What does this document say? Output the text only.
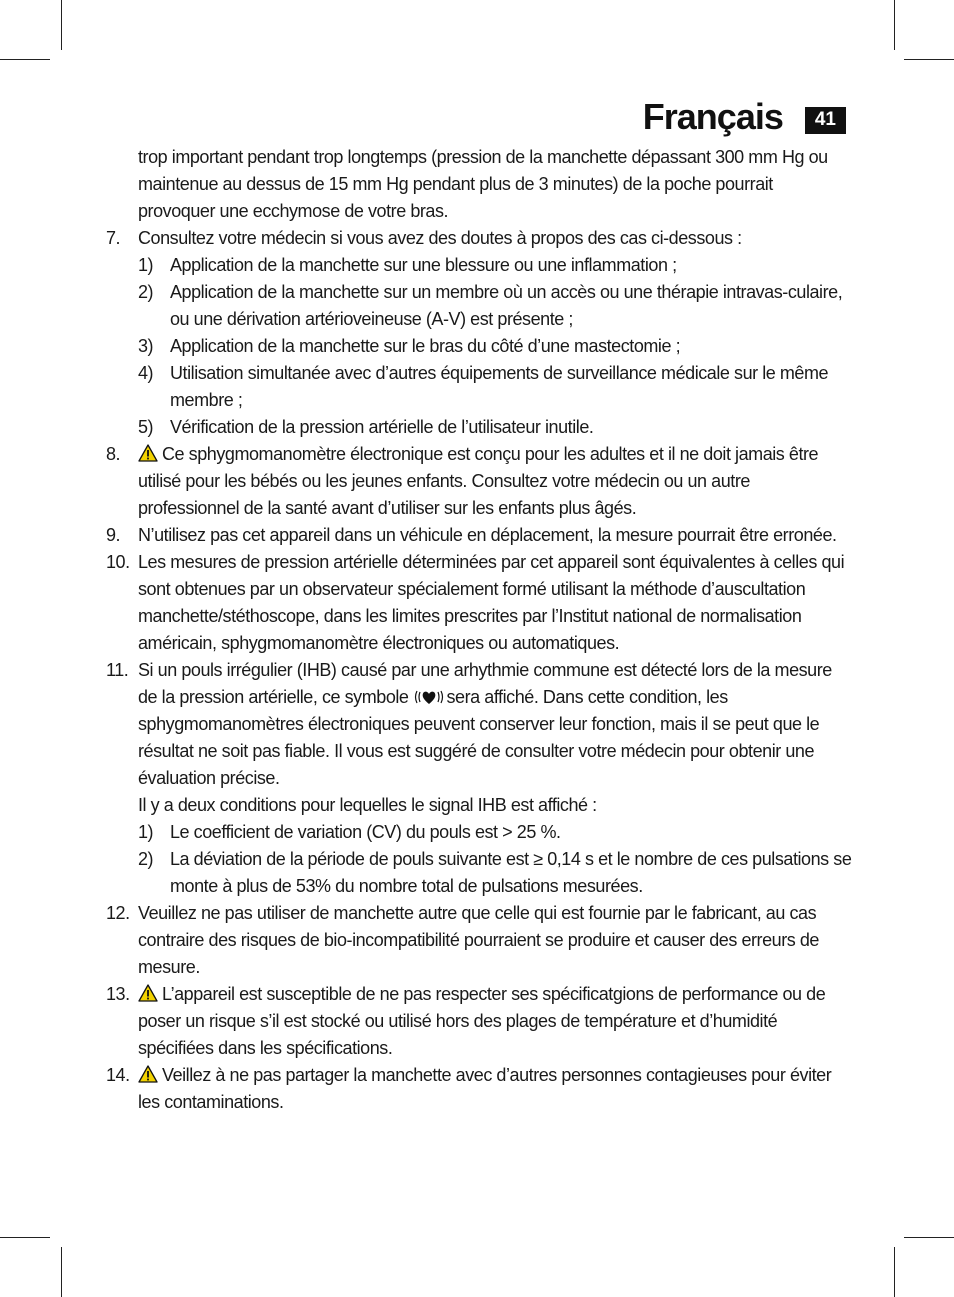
Français	41
trop important pendant trop longtemps (pression de la manchette dépassant 300 mm Hg ou maintenue au dessus de 15 mm Hg pendant plus de 3 minutes) de la poche pourrait provoquer une ecchymose de votre bras.
7. Consultez votre médecin si vous avez des doutes à propos des cas ci-dessous :
1) Application de la manchette sur une blessure ou une inflammation ;
2) Application de la manchette sur un membre où un accès ou une thérapie intravas-culaire, ou une dérivation artérioveineuse (A-V) est présente ;
3) Application de la manchette sur le bras du côté d’une mastectomie ;
4) Utilisation simultanée avec d’autres équipements de surveillance médicale sur le même membre ;
5) Vérification de la pression artérielle de l’utilisateur inutile.
8. Ce sphygmomanomètre électronique est conçu pour les adultes et il ne doit jamais être utilisé pour les bébés ou les jeunes enfants. Consultez votre médecin ou un autre professionnel de la santé avant d’utiliser sur les enfants plus âgés.
9. N’utilisez pas cet appareil dans un véhicule en déplacement, la mesure pourrait être erronée.
10. Les mesures de pression artérielle déterminées par cet appareil sont équivalentes à celles qui sont obtenues par un observateur spécialement formé utilisant la méthode d’auscultation manchette/stéthoscope, dans les limites prescrites par l’Institut national de normalisation américain, sphygmomanomètre électroniques ou automatiques.
11. Si un pouls irrégulier (IHB) causé par une arhythmie commune est détecté lors de la mesure de la pression artérielle, ce symbole sera affiché. Dans cette condition, les sphygmomanomètres électroniques peuvent conserver leur fonction, mais il se peut que le résultat ne soit pas fiable. Il vous est suggéré de consulter votre médecin pour obtenir une évaluation précise.
Il y a deux conditions pour lequelles le signal IHB est affiché :
1) Le coefficient de variation (CV) du pouls est > 25 %.
2) La déviation de la période de pouls suivante est ≥ 0,14 s et le nombre de ces pulsations se monte à plus de 53% du nombre total de pulsations mesurées.
12. Veuillez ne pas utiliser de manchette autre que celle qui est fournie par le fabricant, au cas contraire des risques de bio-incompatibilité pourraient se produire et causer des erreurs de mesure.
13. L’appareil est susceptible de ne pas respecter ses spécificatgions de performance ou de poser un risque s’il est stocké ou utilisé hors des plages de température et d’humidité spécifiées dans les spécifications.
14. Veillez à ne pas partager la manchette avec d’autres personnes contagieuses pour éviter les contaminations.
